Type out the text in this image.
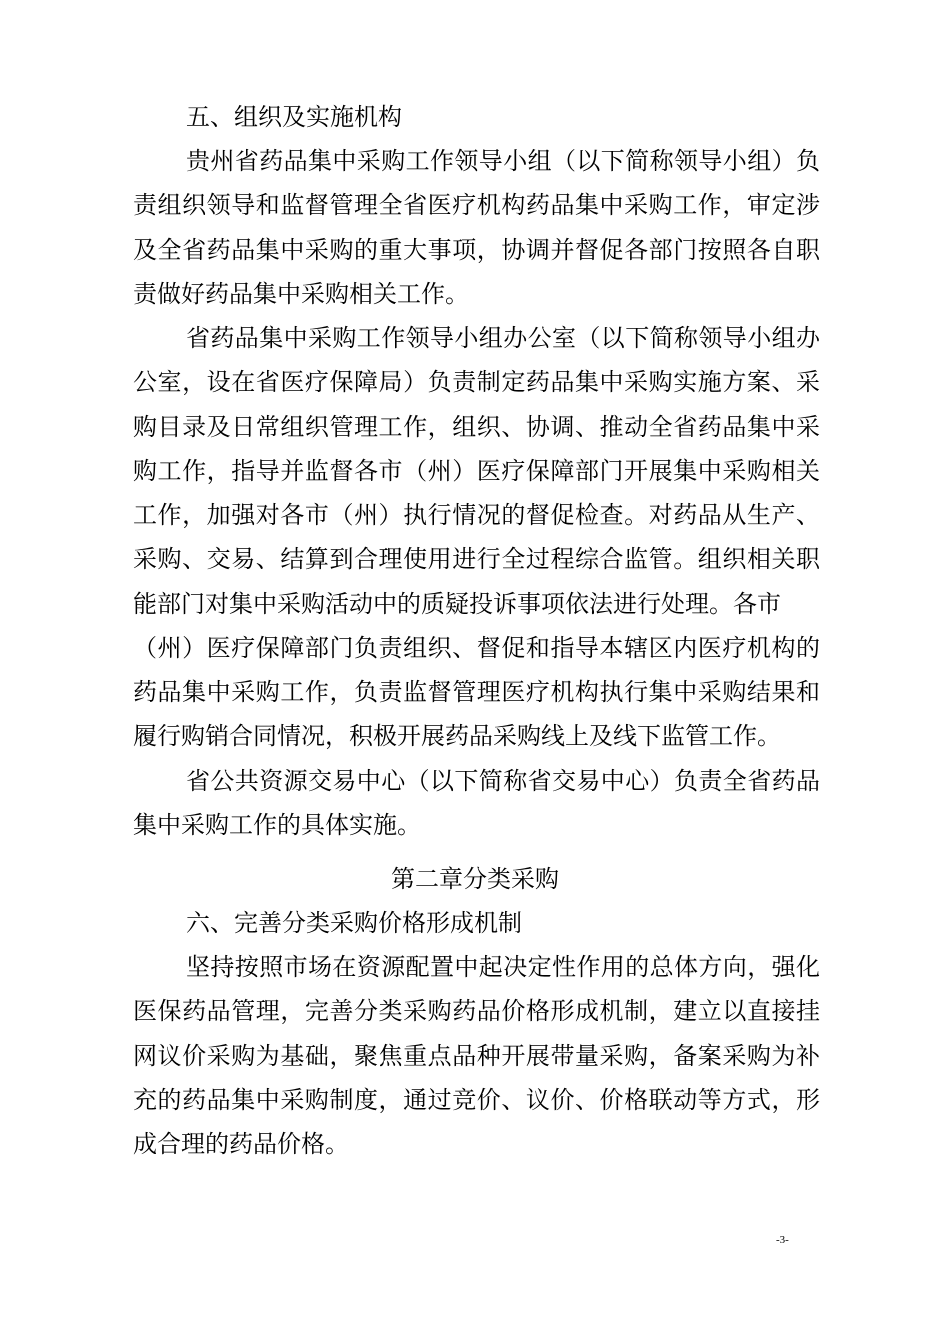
五、组织及实施机构
贵州省药品集中采购工作领导小组（以下简称领导小组）负
责组织领导和监督管理全省医疗机构药品集中采购工作，审定涉
及全省药品集中采购的重大事项，协调并督促各部门按照各自职
责做好药品集中采购相关工作。
省药品集中采购工作领导小组办公室（以下简称领导小组办
公室，设在省医疗保障局）负责制定药品集中采购实施方案、采
购目录及日常组织管理工作，组织、协调、推动全省药品集中采
购工作，指导并监督各市（州）医疗保障部门开展集中采购相关
工作，加强对各市（州）执行情况的督促检查。对药品从生产、
采购、交易、结算到合理使用进行全过程综合监管。组织相关职
能部门对集中采购活动中的质疑投诉事项依法进行处理。各市
（州）医疗保障部门负责组织、督促和指导本辖区内医疗机构的
药品集中采购工作，负责监督管理医疗机构执行集中采购结果和
履行购销合同情况，积极开展药品采购线上及线下监管工作。
省公共资源交易中心（以下简称省交易中心）负责全省药品
集中采购工作的具体实施。
第二章分类采购
六、完善分类采购价格形成机制
坚持按照市场在资源配置中起决定性作用的总体方向，强化
医保药品管理，完善分类采购药品价格形成机制，建立以直接挂
网议价采购为基础，聚焦重点品种开展带量采购，备案采购为补
充的药品集中采购制度，通过竞价、议价、价格联动等方式，形
成合理的药品价格。
-3-
